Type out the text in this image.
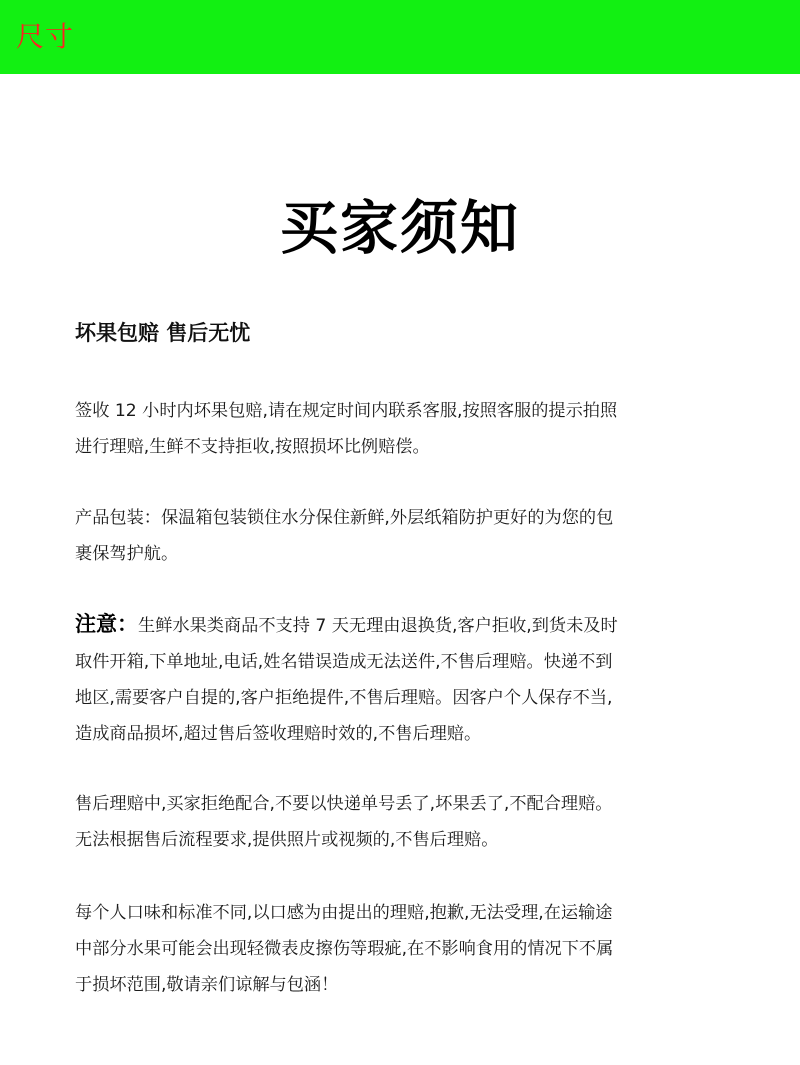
尺寸
买家须知
坏果包赔 售后无忧
签收 12 小时内坏果包赔,请在规定时间内联系客服,按照客服的提示拍照
进行理赔,生鲜不支持拒收,按照损坏比例赔偿。
产品包装：保温箱包装锁住水分保住新鲜,外层纸箱防护更好的为您的包
裹保驾护航。
注意：生鲜水果类商品不支持 7 天无理由退换货,客户拒收,到货未及时
取件开箱,下单地址,电话,姓名错误造成无法送件,不售后理赔。快递不到
地区,需要客户自提的,客户拒绝提件,不售后理赔。因客户个人保存不当,
造成商品损坏,超过售后签收理赔时效的,不售后理赔。
售后理赔中,买家拒绝配合,不要以快递单号丢了,坏果丢了,不配合理赔。
无法根据售后流程要求,提供照片或视频的,不售后理赔。
每个人口味和标准不同,以口感为由提出的理赔,抱歉,无法受理,在运输途
中部分水果可能会出现轻微表皮擦伤等瑕疵,在不影响食用的情况下不属
于损坏范围,敬请亲们谅解与包涵！
